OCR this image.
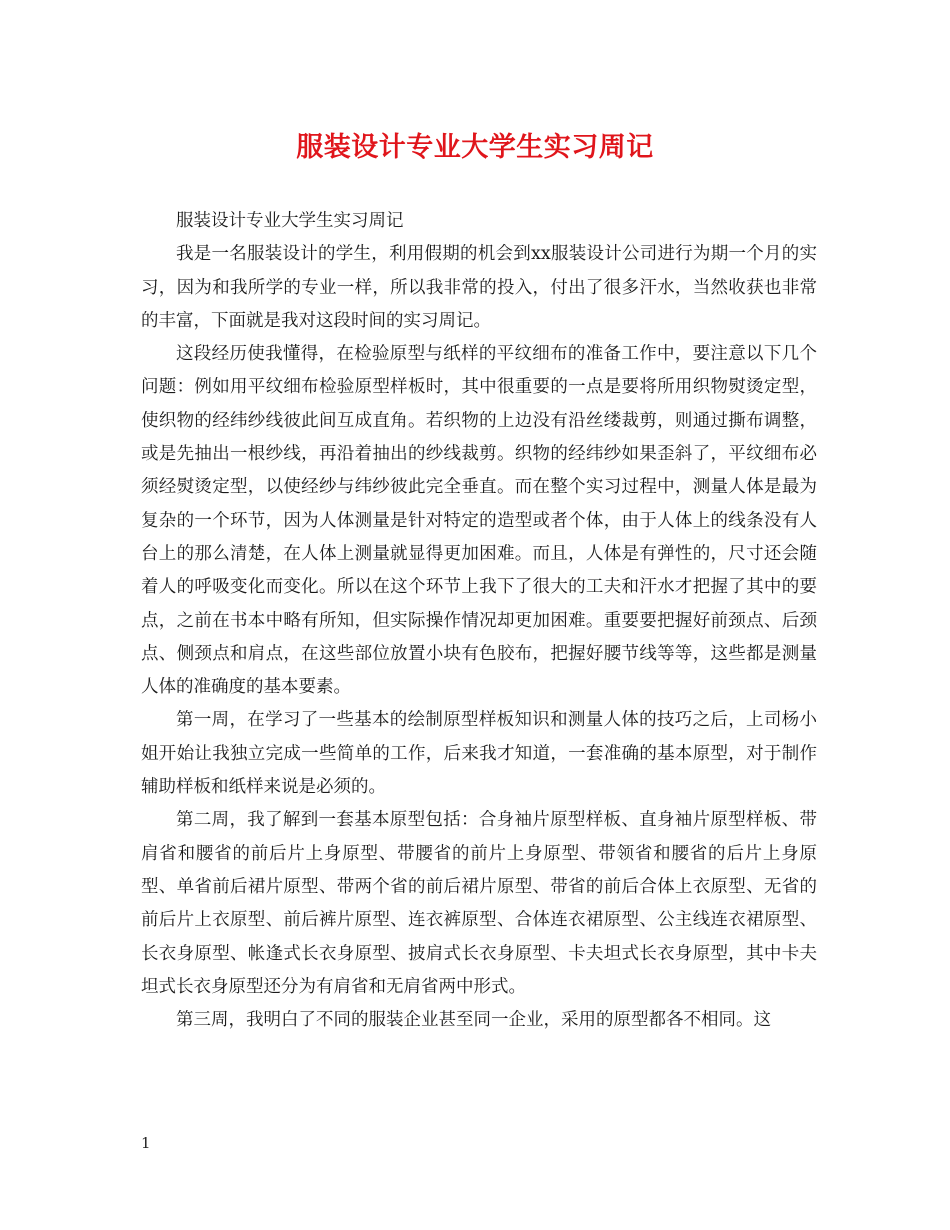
服装设计专业大学生实习周记

服装设计专业大学生实习周记

我是一名服装设计的学生，利用假期的机会到xx服装设计公司进行为期一个月的实习，因为和我所学的专业一样，所以我非常的投入，付出了很多汗水，当然收获也非常的丰富，下面就是我对这段时间的实习周记。

这段经历使我懂得，在检验原型与纸样的平纹细布的准备工作中，要注意以下几个问题：例如用平纹细布检验原型样板时，其中很重要的一点是要将所用织物熨烫定型，使织物的经纬纱线彼此间互成直角。若织物的上边没有沿丝缕裁剪，则通过撕布调整，或是先抽出一根纱线，再沿着抽出的纱线裁剪。织物的经纬纱如果歪斜了，平纹细布必须经熨烫定型，以使经纱与纬纱彼此完全垂直。而在整个实习过程中，测量人体是最为复杂的一个环节，因为人体测量是针对特定的造型或者个体，由于人体上的线条没有人台上的那么清楚，在人体上测量就显得更加困难。而且，人体是有弹性的，尺寸还会随着人的呼吸变化而变化。所以在这个环节上我下了很大的工夫和汗水才把握了其中的要点，之前在书本中略有所知，但实际操作情况却更加困难。重要要把握好前颈点、后颈点、侧颈点和肩点，在这些部位放置小块有色胶布，把握好腰节线等等，这些都是测量人体的准确度的基本要素。

第一周，在学习了一些基本的绘制原型样板知识和测量人体的技巧之后，上司杨小姐开始让我独立完成一些简单的工作，后来我才知道，一套准确的基本原型，对于制作辅助样板和纸样来说是必须的。

第二周，我了解到一套基本原型包括：合身袖片原型样板、直身袖片原型样板、带肩省和腰省的前后片上身原型、带腰省的前片上身原型、带领省和腰省的后片上身原型、单省前后裙片原型、带两个省的前后裙片原型、带省的前后合体上衣原型、无省的前后片上衣原型、前后裤片原型、连衣裤原型、合体连衣裙原型、公主线连衣裙原型、长衣身原型、帐逢式长衣身原型、披肩式长衣身原型、卡夫坦式长衣身原型，其中卡夫坦式长衣身原型还分为有肩省和无肩省两中形式。

第三周，我明白了不同的服装企业甚至同一企业，采用的原型都各不相同。这

1
